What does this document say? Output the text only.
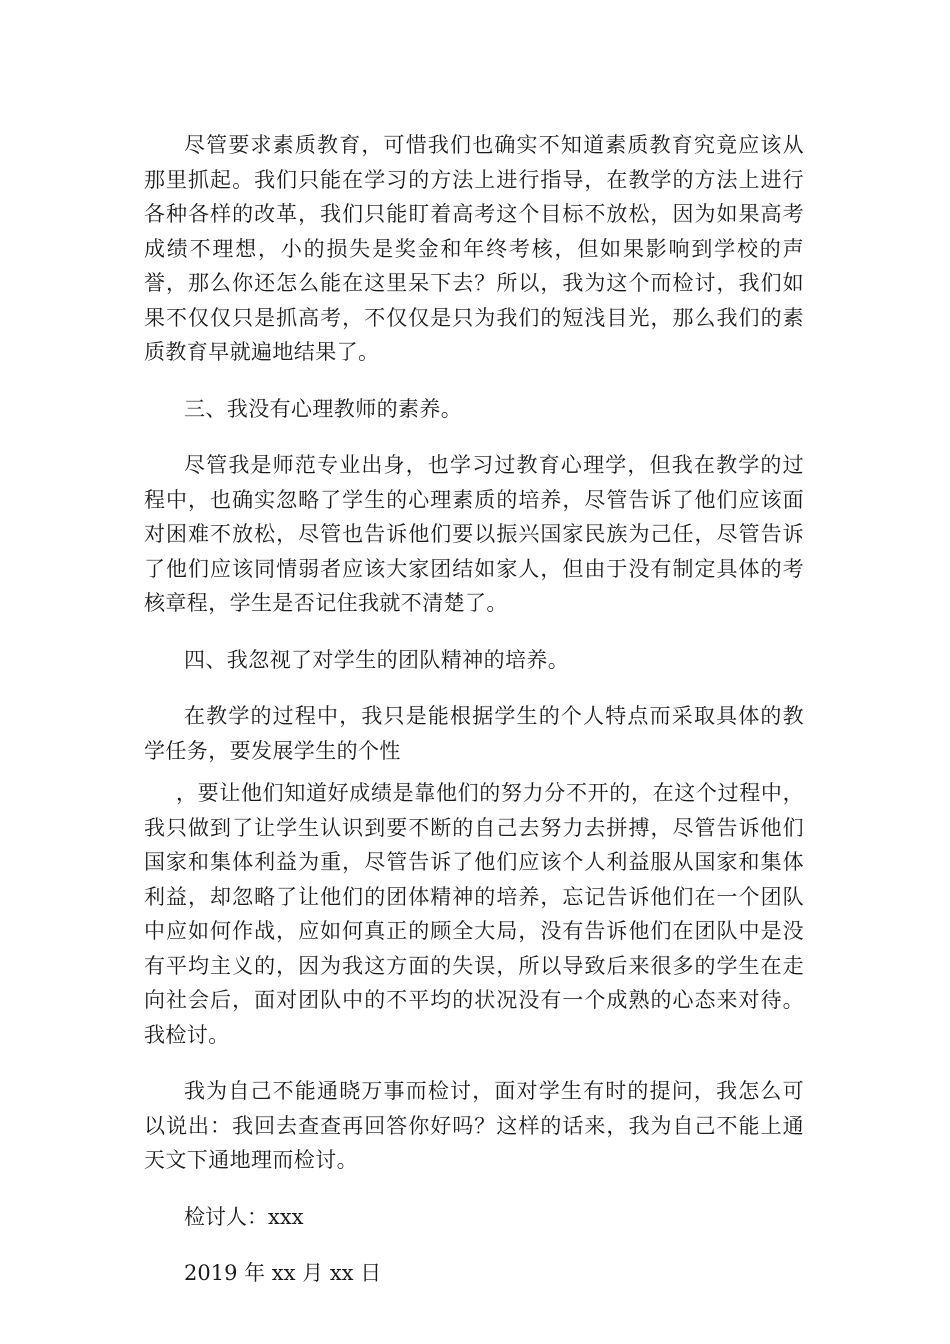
尽管要求素质教育，可惜我们也确实不知道素质教育究竟应该从那里抓起。我们只能在学习的方法上进行指导，在教学的方法上进行各种各样的改革，我们只能盯着高考这个目标不放松，因为如果高考成绩不理想，小的损失是奖金和年终考核，但如果影响到学校的声誉，那么你还怎么能在这里呆下去？所以，我为这个而检讨，我们如果不仅仅只是抓高考，不仅仅是只为我们的短浅目光，那么我们的素质教育早就遍地结果了。

三、我没有心理教师的素养。

尽管我是师范专业出身，也学习过教育心理学，但我在教学的过程中，也确实忽略了学生的心理素质的培养，尽管告诉了他们应该面对困难不放松，尽管也告诉他们要以振兴国家民族为己任，尽管告诉了他们应该同情弱者应该大家团结如家人，但由于没有制定具体的考核章程，学生是否记住我就不清楚了。

四、我忽视了对学生的团队精神的培养。

在教学的过程中，我只是能根据学生的个人特点而采取具体的教学任务，要发展学生的个性

，要让他们知道好成绩是靠他们的努力分不开的，在这个过程中，我只做到了让学生认识到要不断的自己去努力去拼搏，尽管告诉他们国家和集体利益为重，尽管告诉了他们应该个人利益服从国家和集体利益，却忽略了让他们的团体精神的培养，忘记告诉他们在一个团队中应如何作战，应如何真正的顾全大局，没有告诉他们在团队中是没有平均主义的，因为我这方面的失误，所以导致后来很多的学生在走向社会后，面对团队中的不平均的状况没有一个成熟的心态来对待。我检讨。

我为自己不能通晓万事而检讨，面对学生有时的提问，我怎么可以说出：我回去查查再回答你好吗？这样的话来，我为自己不能上通天文下通地理而检讨。

检讨人：xxx

2019 年 xx 月 xx 日
